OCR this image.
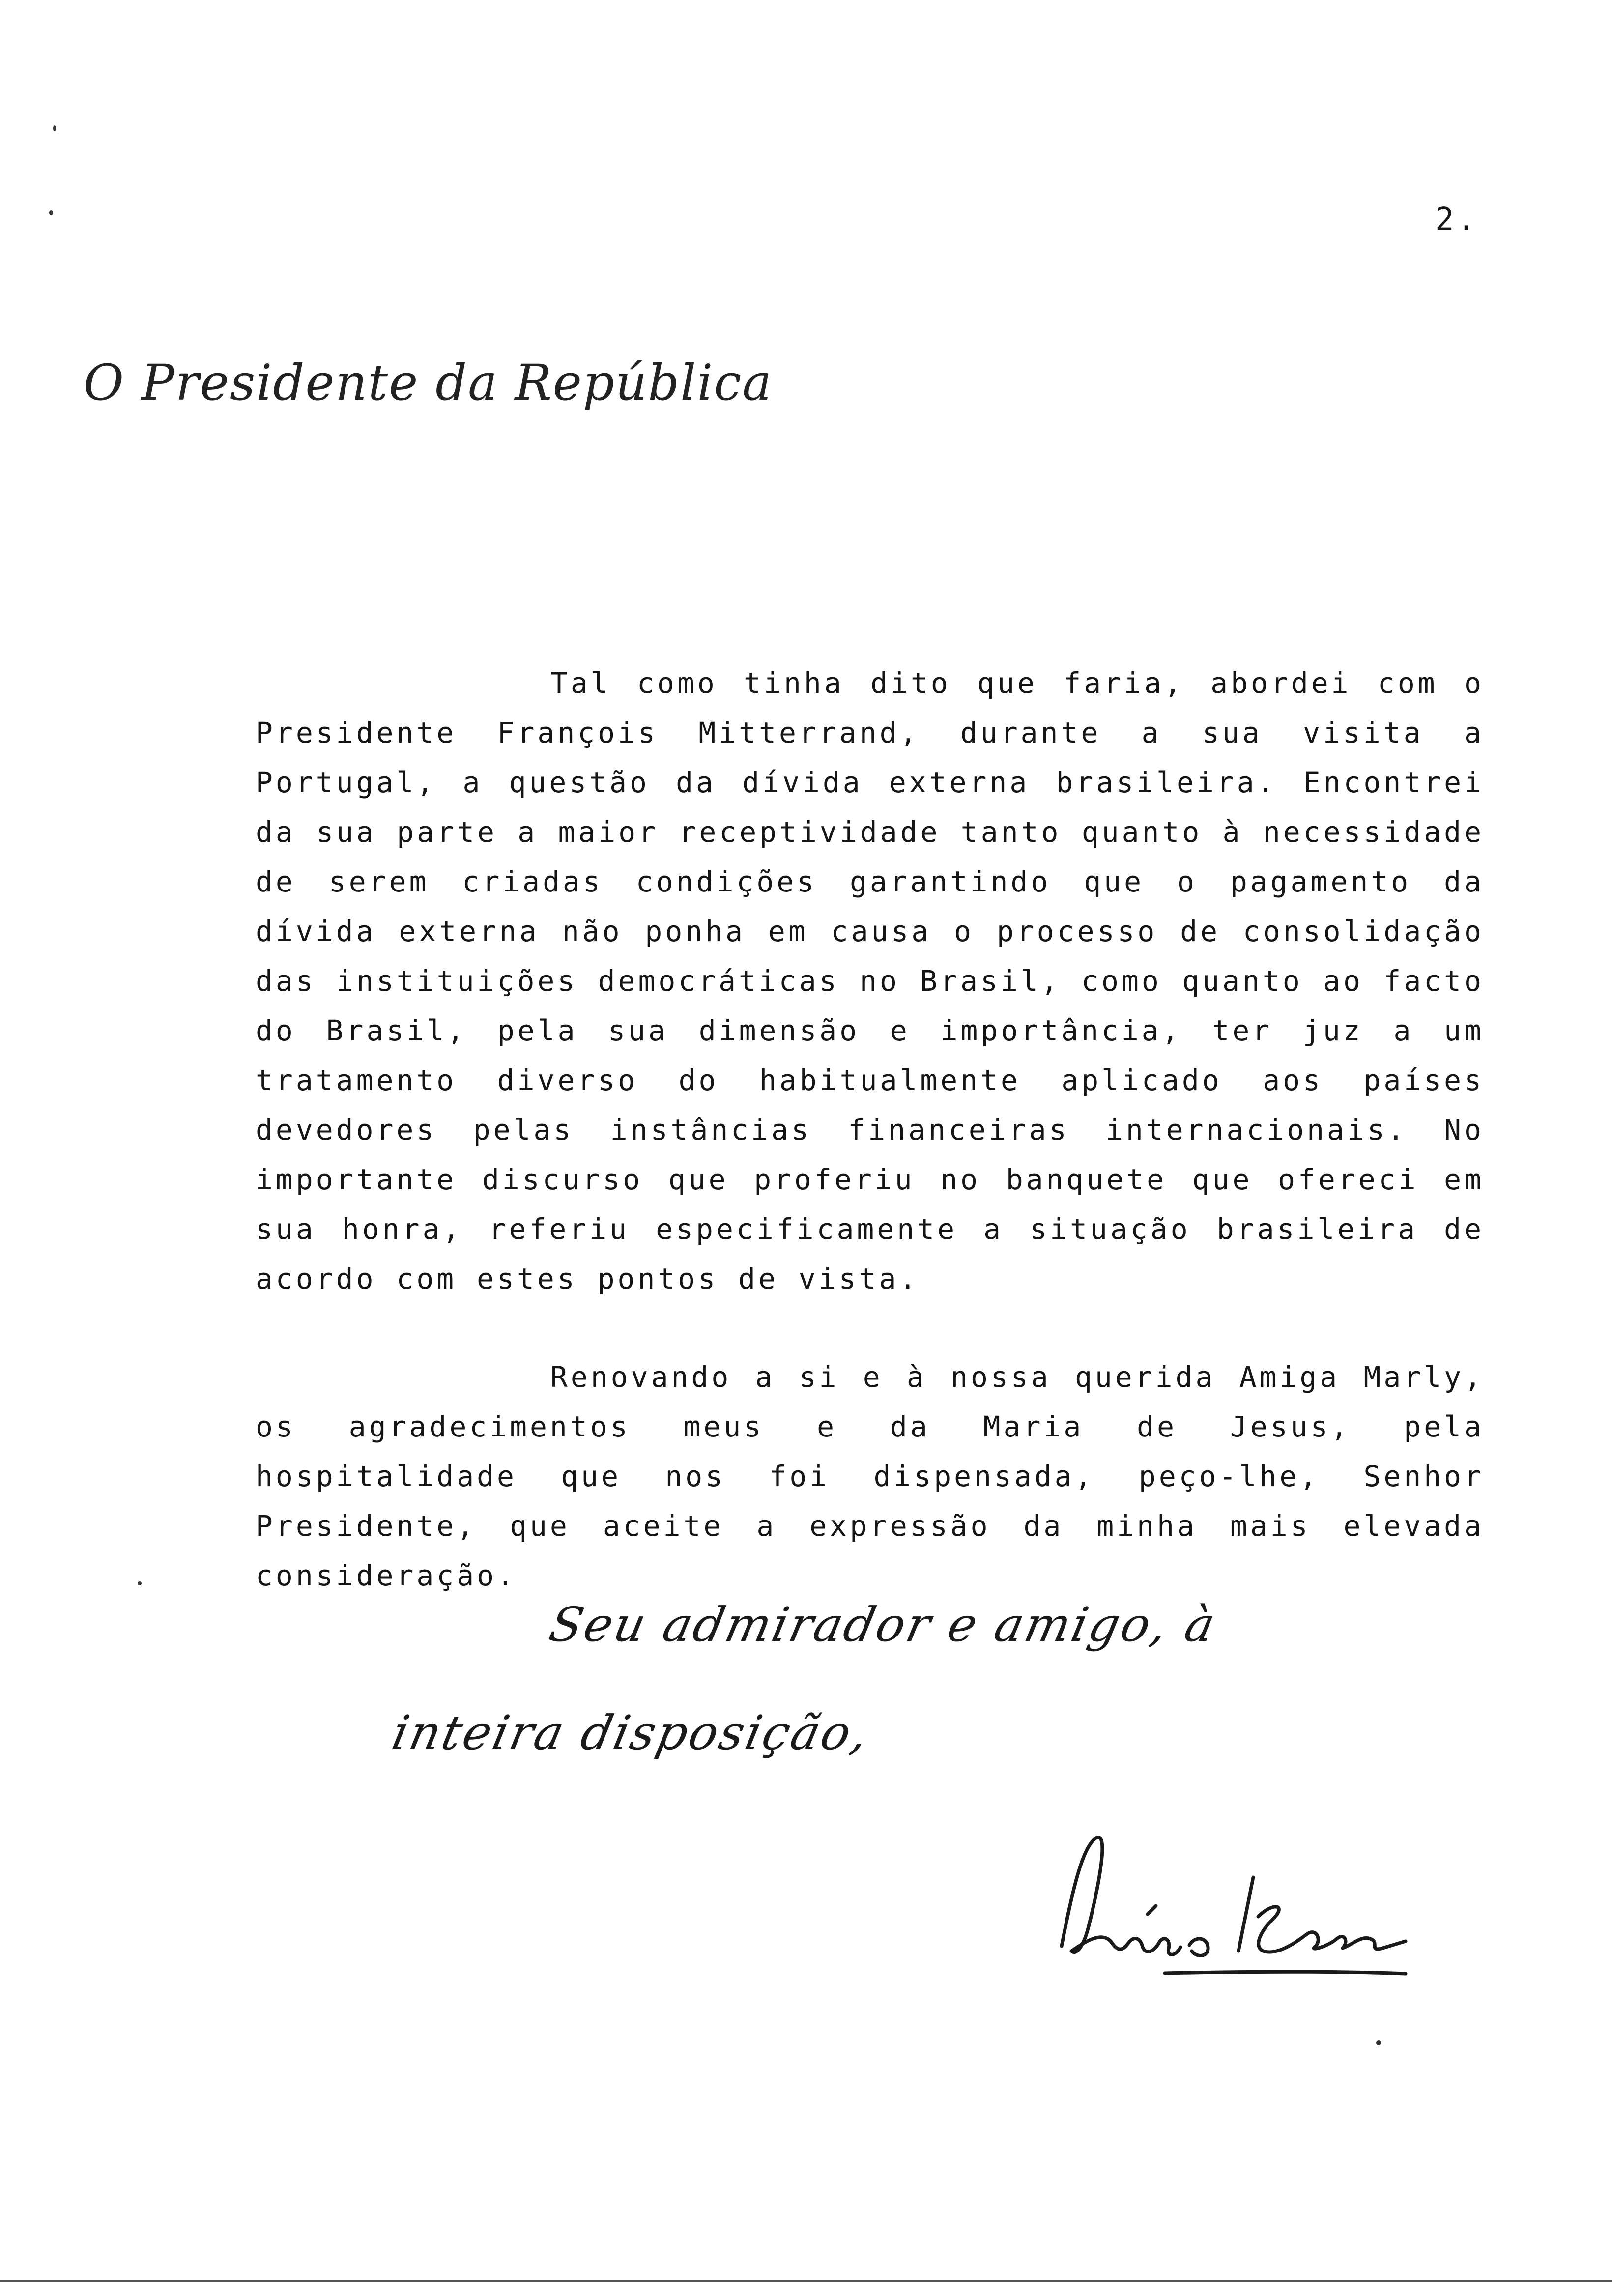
2.
O Presidente da República

Tal como tinha dito que faria, abordei com o Presidente François Mitterrand, durante a sua visita a Portugal, a questão da dívida externa brasileira. Encontrei da sua parte a maior receptividade tanto quanto à necessidade de serem criadas condições garantindo que o pagamento da dívida externa não ponha em causa o processo de consolidação das instituições democráticas no Brasil, como quanto ao facto do Brasil, pela sua dimensão e importância, ter juz a um tratamento diverso do habitualmente aplicado aos países devedores pelas instâncias financeiras internacionais. No importante discurso que proferiu no banquete que ofereci em sua honra, referiu especificamente a situação brasileira de acordo com estes pontos de vista.

Renovando a si e à nossa querida Amiga Marly, os agradecimentos meus e da Maria de Jesus, pela hospitalidade que nos foi dispensada, peço-lhe, Senhor Presidente, que aceite a expressão da minha mais elevada consideração.

Seu admirador e amigo, à
inteira disposição,
